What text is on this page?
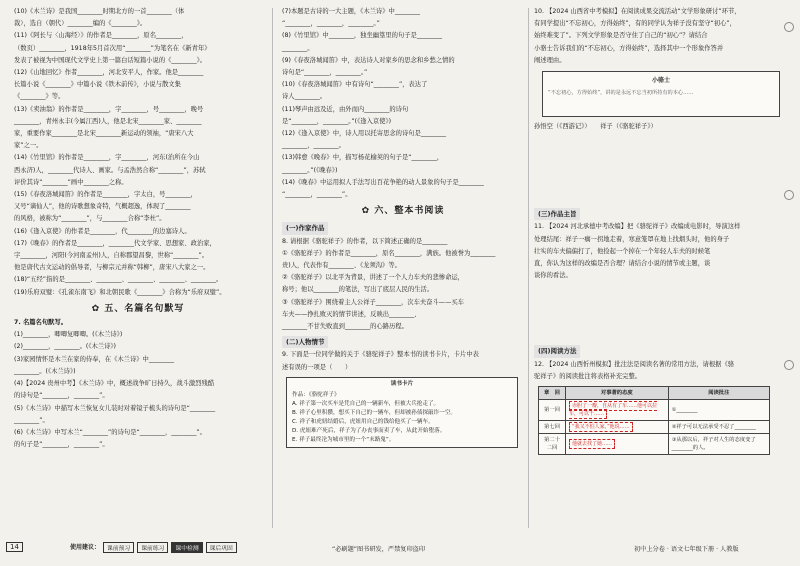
(10)《木兰诗》是我国________时期北方的一首________（体

裁），选自（朝代）________编的《________》。

(11)《阿长与〈山海经〉》的作者是________，原名________，

（数页）________，1918年5月首次用“________”为笔名在《新青年》

发表了被视为中国现代文学史上第一篇白话短篇小说的《________》。

(12)《山地回忆》作者________，河北安平人，作家。他是________

长篇小说《________》中篇小说《铁木前传》，小说与散文集

《________》等。

(13)《卖油翁》的作者是________，字________，号________，晚号

________，青州永丰(今属江西)人，他是北宋________家、________

家，重要作家________是北宋________新运动的领袖，“唐宋八大

家”之一。

(14)《竹里馆》的作者是________，字________，河东(治所在今山

西永济)人，________代诗人、画家。与孟浩然合称“________”，苏轼

评价其诗“________”画中________之称。

(15)《春夜洛城闻笛》的作者是________，字太白，号________，

又号“谪仙人”，他的诗歌想象奇特，气概超逸，体现了________

的风格，被称为“________”，与________合称“李杜”。

(16)《逢入京使》的作者是________，代________的边塞诗人。

(17)《晚春》的作者是________，________代文学家、思想家、政治家，

字________，河阳(今河南孟州)人，自称郡望昌黎，世称“________”。

他是唐代古文运动的倡导者，与柳宗元并称“韩柳”，唐宋八大家之一。

(18)“五经”指的是________、________、________、________、________。

(19)乐府双璧：《孔雀东南飞》和北朝民歌《________》合称为“乐府双璧”。

✿ 五、名篇名句默写

7. 名篇名句默写。

(1)________，唧唧复唧唧。(《木兰诗》)

(2)________，________。(《木兰诗》)

(3)家园情怀是木兰在家的侍奉，在《木兰诗》中________

________。(《木兰诗》)

(4)【2024 贵州中考】《木兰诗》中，概述战争旷日持久，战斗激烈残酷

的诗句是“________，________”。

(5)《木兰诗》中描写木兰恢复女儿装时对着镜子梳头的诗句是“________

________”。

(6)《木兰诗》中写木兰“________”的诗句是“________，________”。

的句子是“________，________”。

(7)本题是古诗的一大主题，《木兰诗》中________

“________，________，________。”

(8)《竹里馆》中________，独坐幽篁里的句子是________

________。

(9)《春夜洛城闻笛》中，表达诗人对家乡的思念和乡愁之情的

诗句是“________，________。”

(10)《春夜洛城闻笛》中有诗句“________”，表达了

诗人________。

(11)琴声由远及近，由外而内________的诗句

是“________，________。”(《逢入京使》)

(12)《逢入京使》中，诗人用以托寄思念的诗句是________

________，________。

(13)韩愈《晚春》中，描写杨花榆荚的句子是“________，

________。”(《晚春》)

(14)《晚春》中运用拟人手法写出百花争艳的动人景象的句子是________

“________，________”。

✿ 六、整本书阅读

(一)作家作品

8. 请根据《骆驼祥子》的作者，以下简述正确的是________

①《骆驼祥子》的作者是________，原名________，满族。他被誉为________

贵)人，代表作有________、《龙须沟》等。

②《骆驼祥子》以北平为背景，讲述了一个人力车夫的悲惨命运，

称号；他以________的笔法，写出了底层人民的生活。

③《骆驼祥子》围绕着主人公祥子________，次车夫奋斗——买车

车夫——挣扎败灭的情节讲述，反映出________、

________不甘失败直到________的心路历程。

(二)人物情节

9. 下面是一位同学做的关于《骆驼祥子》整本书的读书卡片，卡片中表

述有误的一项是（　　）

读书卡片
作品：《骆驼祥子》
A. 祥子第一次买车是凭自己的一辆新车，但被大兵抢走了。
B. 祥子心里积攒，想买下自己的一辆车，但却被孙侦探敲诈一空。
C. 祥子和虎妞结婚后，虎妞用自己的钱给他买了一辆车。
D. 虎妞难产死后，祥子为了办丧事而卖了车，从此开始堕落。
E. 祥子最终沦为城市里的一个“末路鬼”。

10. 【2024 山西省中考模拟】在阅读成果交流活动“文学形象研讨”环节，

有同学提出“不忘初心，方得始终”，有的同学认为祥子没有坚守“初心”，

始终难变了”。下列文学形象是否守住了自己的“初心”？请结合

小骆士告诉我们的“不忘初心，方得始终”，选择其中一个形象作答并

阐述理由。

小骆士
“不忘初心，方得始终”，讲的是永远不忘当初所持有的本心……

孙悟空（《西游记》）　　祥子（《骆驼祥子》）

(三)作品主旨

11. 【2024 河北承德中考改编】把《骆驼祥子》改编成电影时，导演这样

处理结尾：祥子一瘸一拐地走着，寒意笼罩在地上找烟头时，他的身子

壮实的车夫偏偏打了，他捡起一个掉在一个年轻人车夫的时候笔

直，你认为这样的改编是否合理？请结合小说的情节或主题，谈

谈你的看法。

(四)阅读方法

12. 【2024 山西忻州模拟】批注法是阅读名著的常用方法，请根据《骆

驼祥子》的阅读批注将表格补充完整。

章　回	对事著的态度	阅读批注
第一回	赤胆了一瓣，自从有了车……他可以拉车，可以干……	①________
第七回	“我又不怕人家，”他说……	②祥子可以无法承受不忍了________
第二十二回	他就去找了她……	③从那以后，祥子对人生的态度变了________的人。
14	使用建议：	课前预习	课前练习	课中检测	课后巩固	“必刷题”图书研发，严禁复印盗印	初中上分卷 · 语文七年级下册 · 人教版
